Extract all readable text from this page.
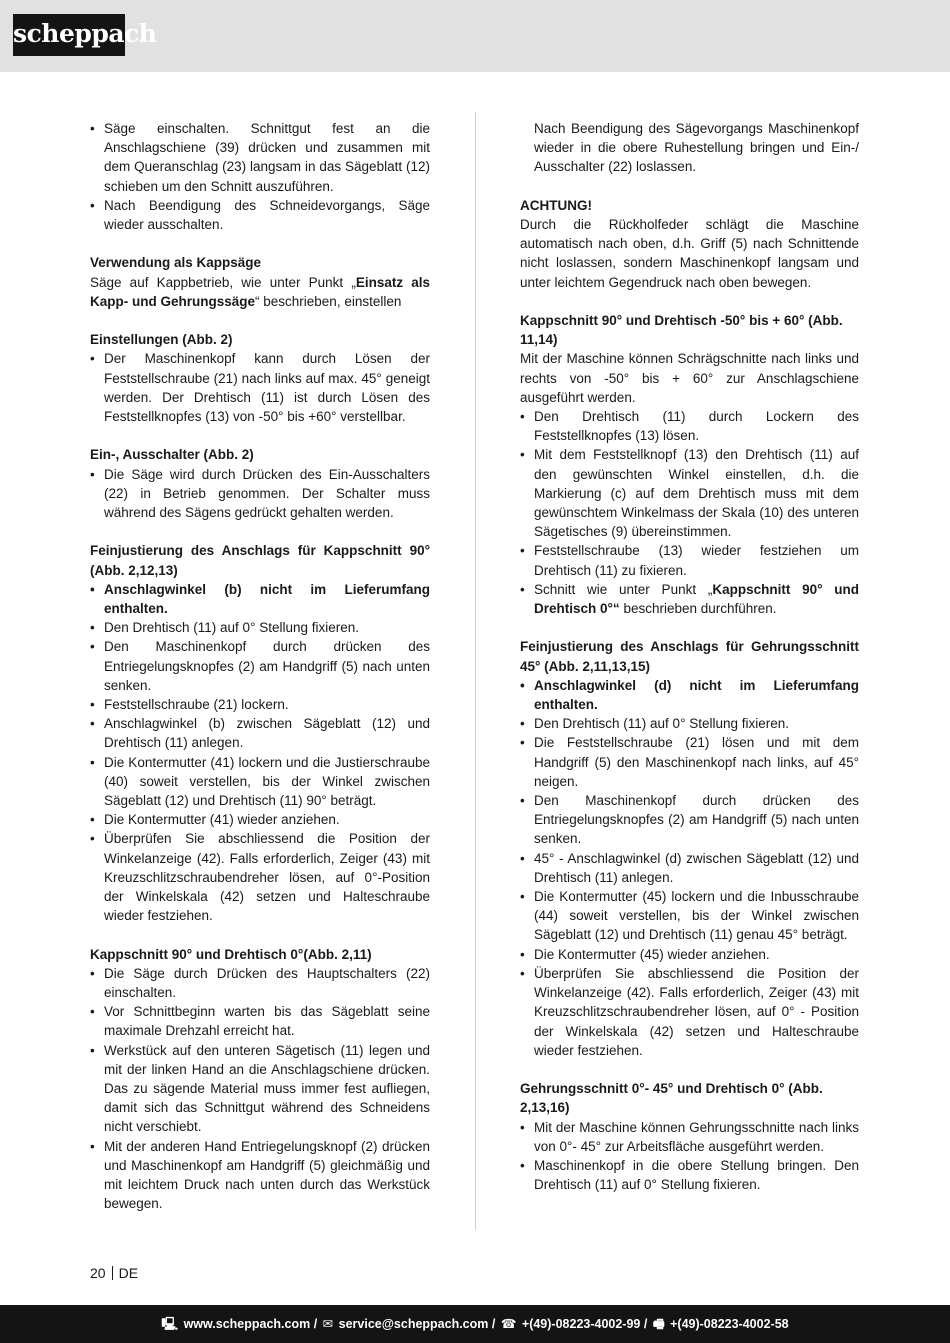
scheppach
• Säge einschalten. Schnittgut fest an die Anschlagschiene (39) drücken und zusammen mit dem Queranschlag (23) langsam in das Sägeblatt (12) schieben um den Schnitt auszuführen.
• Nach Beendigung des Schneidevorgangs, Säge wieder ausschalten.
Verwendung als Kappsäge
Säge auf Kappbetrieb, wie unter Punkt „Einsatz als Kapp- und Gehrungssäge“ beschrieben, einstellen
Einstellungen (Abb. 2)
• Der Maschinenkopf kann durch Lösen der Feststellschraube (21) nach links auf max. 45° geneigt werden. Der Drehtisch (11) ist durch Lösen des Feststellknopfes (13) von -50° bis +60° verstellbar.
Ein-, Ausschalter (Abb. 2)
• Die Säge wird durch Drücken des Ein-Ausschalters (22) in Betrieb genommen. Der Schalter muss während des Sägens gedrückt gehalten werden.
Feinjustierung des Anschlags für Kappschnitt 90° (Abb. 2,12,13)
• Anschlagwinkel (b) nicht im Lieferumfang enthalten.
• Den Drehtisch (11) auf 0° Stellung fixieren.
• Den Maschinenkopf durch drücken des Entriegelungsknopfes (2) am Handgriff (5) nach unten senken.
• Feststellschraube (21) lockern.
• Anschlagwinkel (b) zwischen Sägeblatt (12) und Drehtisch (11) anlegen.
• Die Kontermutter (41) lockern und die Justierschraube (40) soweit verstellen, bis der Winkel zwischen Sägeblatt (12) und Drehtisch (11) 90° beträgt.
• Die Kontermutter (41) wieder anziehen.
• Überprüfen Sie abschliessend die Position der Winkelanzeige (42). Falls erforderlich, Zeiger (43) mit Kreuzschlitzschraubendreher lösen, auf 0°-Position der Winkelskala (42) setzen und Halteschraube wieder festziehen.
Kappschnitt 90° und Drehtisch 0°(Abb. 2,11)
• Die Säge durch Drücken des Hauptschalters (22) einschalten.
• Vor Schnittbeginn warten bis das Sägeblatt seine maximale Drehzahl erreicht hat.
• Werkstück auf den unteren Sägetisch (11) legen und mit der linken Hand an die Anschlagschiene drücken. Das zu sägende Material muss immer fest aufliegen, damit sich das Schnittgut während des Schneidens nicht verschiebt.
• Mit der anderen Hand Entriegelungsknopf (2) drücken und Maschinenkopf am Handgriff (5) gleichmäßig und mit leichtem Druck nach unten durch das Werkstück bewegen.
Nach Beendigung des Sägevorgangs Maschinenkopf wieder in die obere Ruhestellung bringen und Ein-/ Ausschalter (22) loslassen.
ACHTUNG!
Durch die Rückholfeder schlägt die Maschine automatisch nach oben, d.h. Griff (5) nach Schnittende nicht loslassen, sondern Maschinenkopf langsam und unter leichtem Gegendruck nach oben bewegen.
Kappschnitt 90° und Drehtisch -50° bis + 60° (Abb. 11,14)
Mit der Maschine können Schrägschnitte nach links und rechts von -50° bis + 60° zur Anschlagschiene ausgeführt werden.
• Den Drehtisch (11) durch Lockern des Feststellknopfes (13) lösen.
• Mit dem Feststellknopf (13) den Drehtisch (11) auf den gewünschten Winkel einstellen, d.h. die Markierung (c) auf dem Drehtisch muss mit dem gewünschtem Winkelmass der Skala (10) des unteren Sägetisches (9) übereinstimmen.
• Feststellschraube (13) wieder festziehen um Drehtisch (11) zu fixieren.
• Schnitt wie unter Punkt „Kappschnitt 90° und Drehtisch 0°“ beschrieben durchführen.
Feinjustierung des Anschlags für Gehrungsschnitt 45° (Abb. 2,11,13,15)
• Anschlagwinkel (d) nicht im Lieferumfang enthalten.
• Den Drehtisch (11) auf 0° Stellung fixieren.
• Die Feststellschraube (21) lösen und mit dem Handgriff (5) den Maschinenkopf nach links, auf 45° neigen.
• Den Maschinenkopf durch drücken des Entriegelungsknopfes (2) am Handgriff (5) nach unten senken.
• 45° - Anschlagwinkel (d) zwischen Sägeblatt (12) und Drehtisch (11) anlegen.
• Die Kontermutter (45) lockern und die Inbusschraube (44) soweit verstellen, bis der Winkel zwischen Sägeblatt (12) und Drehtisch (11) genau 45° beträgt.
• Die Kontermutter (45) wieder anziehen.
• Überprüfen Sie abschliessend die Position der Winkelanzeige (42). Falls erforderlich, Zeiger (43) mit Kreuzschlitzschraubendreher lösen, auf 0° - Position der Winkelskala (42) setzen und Halteschraube wieder festziehen.
Gehrungsschnitt 0°- 45° und Drehtisch 0° (Abb. 2,13,16)
• Mit der Maschine können Gehrungsschnitte nach links von 0°- 45° zur Arbeitsfläche ausgeführt werden.
• Maschinenkopf in die obere Stellung bringen. Den Drehtisch (11) auf 0° Stellung fixieren.
20 DE
🖳 www.scheppach.com / ✉ service@scheppach.com / ☎ +(49)-08223-4002-99 / 🖷 +(49)-08223-4002-58
